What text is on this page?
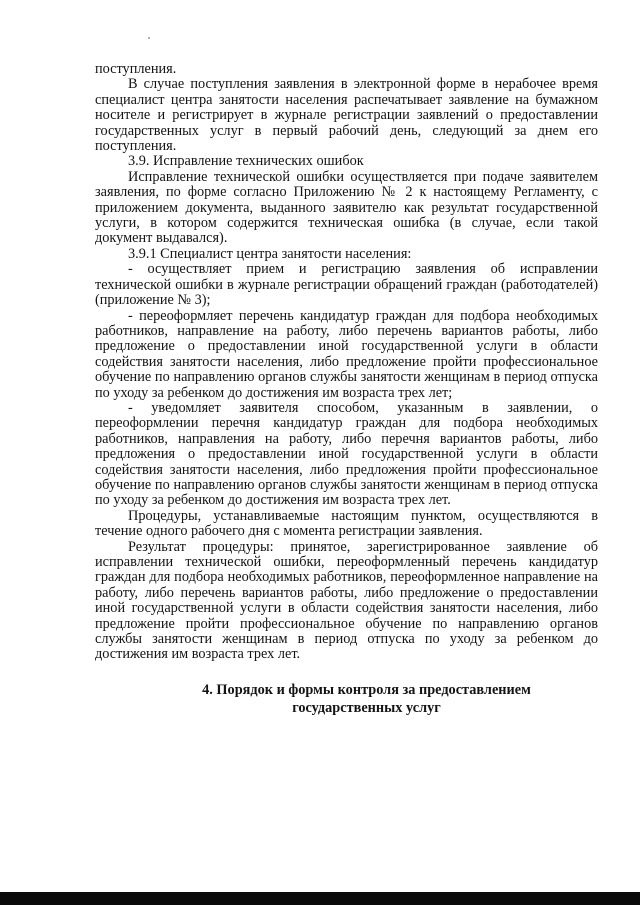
поступления.

В случае поступления заявления в электронной форме в нерабочее время специалист центра занятости населения распечатывает заявление на бумажном носителе и регистрирует в журнале регистрации заявлений о предоставлении государственных услуг в первый рабочий день, следующий за днем его поступления.

3.9. Исправление технических ошибок

Исправление технической ошибки осуществляется при подаче заявителем заявления, по форме согласно Приложению № 2 к настоящему Регламенту, с приложением документа, выданного заявителю как результат государственной услуги, в котором содержится техническая ошибка (в случае, если такой документ выдавался).

3.9.1 Специалист центра занятости населения:

- осуществляет прием и регистрацию заявления об исправлении технической ошибки в журнале регистрации обращений граждан (работодателей) (приложение № 3);

- переоформляет перечень кандидатур граждан для подбора необходимых работников, направление на работу, либо перечень вариантов работы, либо предложение о предоставлении иной государственной услуги в области содействия занятости населения, либо предложение пройти профессиональное обучение по направлению органов службы занятости женщинам в период отпуска по уходу за ребенком до достижения им возраста трех лет;

- уведомляет заявителя способом, указанным в заявлении, о переоформлении перечня кандидатур граждан для подбора необходимых работников, направления на работу, либо перечня вариантов работы, либо предложения о предоставлении иной государственной услуги в области содействия занятости населения, либо предложения пройти профессиональное обучение по направлению органов службы занятости женщинам в период отпуска по уходу за ребенком до достижения им возраста трех лет.

Процедуры, устанавливаемые настоящим пунктом, осуществляются в течение одного рабочего дня с момента регистрации заявления.

Результат процедуры: принятое, зарегистрированное заявление об исправлении технической ошибки, переоформленный перечень кандидатур граждан для подбора необходимых работников, переоформленное направление на работу, либо перечень вариантов работы, либо предложение о предоставлении иной государственной услуги в области содействия занятости населения, либо предложение пройти профессиональное обучение по направлению органов службы занятости женщинам в период отпуска по уходу за ребенком до достижения им возраста трех лет.

4. Порядок и формы контроля за предоставлением
государственных услуг
